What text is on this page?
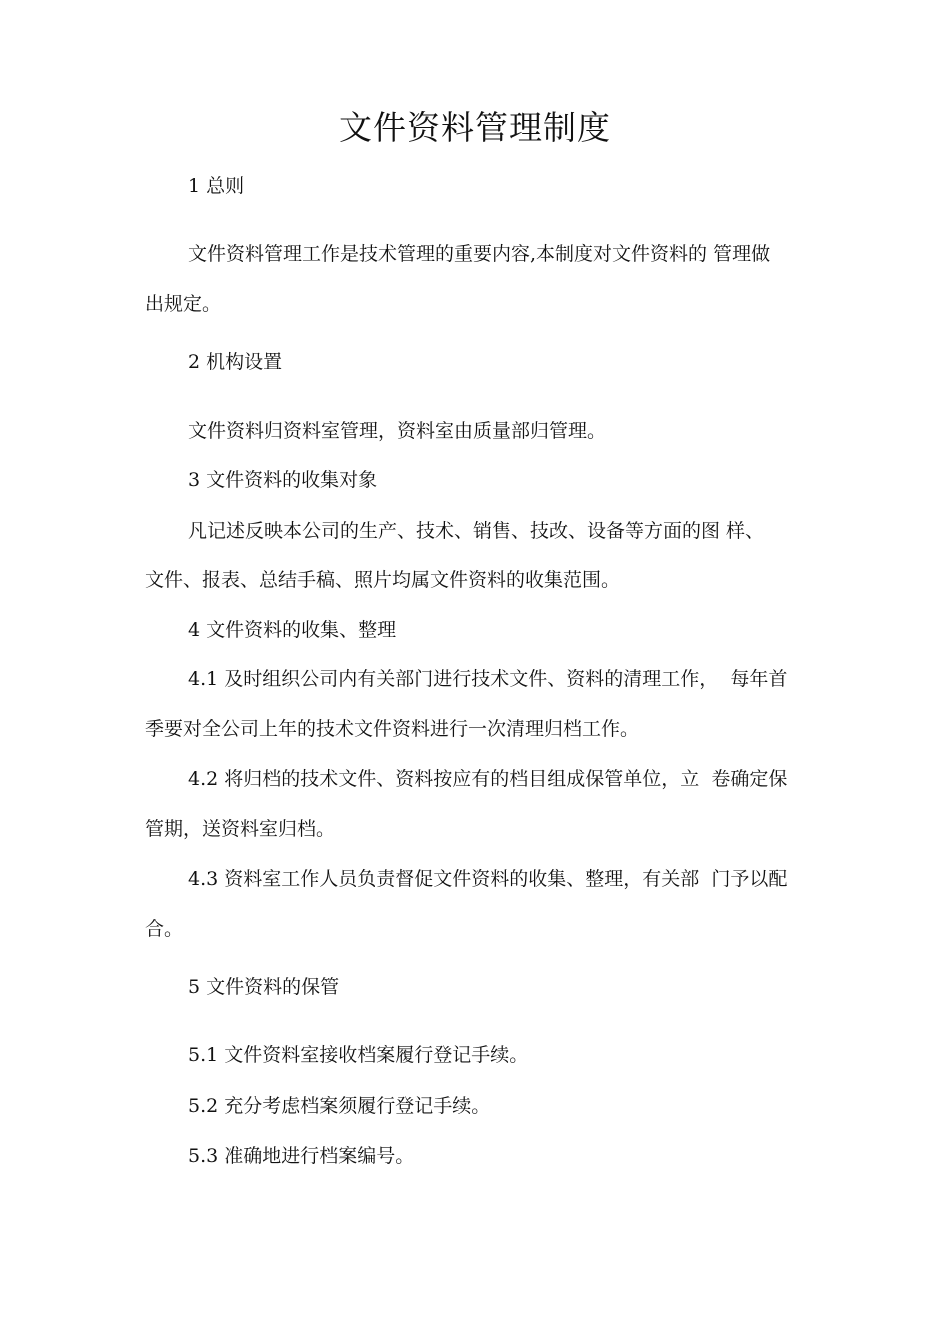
文件资料管理制度
1 总则
文件资料管理工作是技术管理的重要内容,本制度对文件资料的 管理做
出规定。
2 机构设置
文件资料归资料室管理，资料室由质量部归管理。
3 文件资料的收集对象
凡记述反映本公司的生产、技术、销售、技改、设备等方面的图 样、
文件、报表、总结手稿、照片均属文件资料的收集范围。
4 文件资料的收集、整理
4.1 及时组织公司内有关部门进行技术文件、资料的清理工作，  每年首
季要对全公司上年的技术文件资料进行一次清理归档工作。
4.2 将归档的技术文件、资料按应有的档目组成保管单位，立  卷确定保
管期，送资料室归档。
4.3 资料室工作人员负责督促文件资料的收集、整理，有关部  门予以配
合。
5 文件资料的保管
5.1 文件资料室接收档案履行登记手续。
5.2 充分考虑档案须履行登记手续。
5.3 准确地进行档案编号。
